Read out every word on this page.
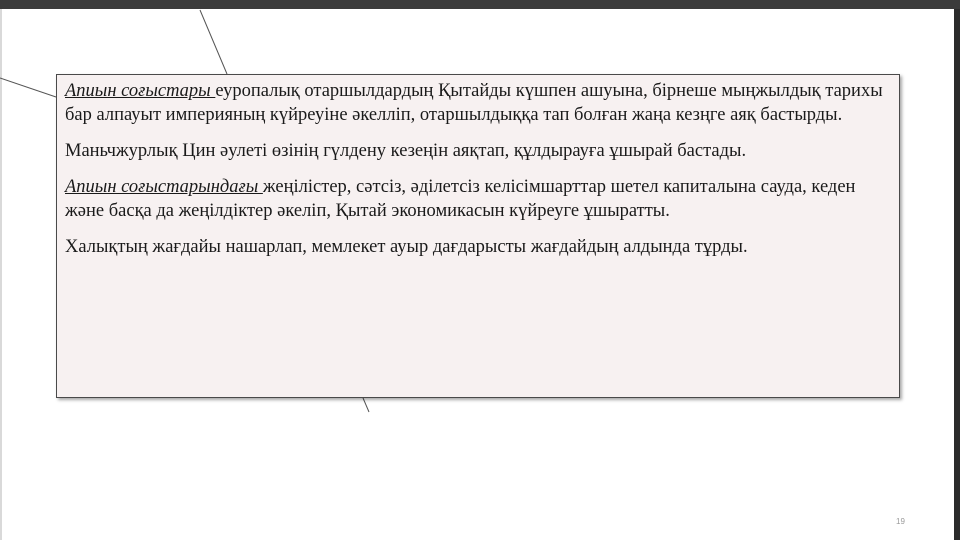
Апиын соғыстары еуропалық отаршылдардың Қытайды күшпен ашуына, бірнеше мыңжылдық тарихы бар алпауыт империяның күйреуіне әкелліп, отаршылдыққа тап болған жаңа кезңге аяқ бастырды.

Маньчжурлық Цин әулеті өзінің гүлдену кезеңін аяқтап, құлдырауға ұшырай бастады.

Апиын соғыстарындағы жеңілістер, сәтсіз, әділетсіз келісімшарттар шетел капиталына сауда, кеден және басқа да жеңілдіктер әкеліп, Қытай экономикасын күйреуге ұшыратты.

Халықтың жағдайы нашарлап, мемлекет ауыр дағдарысты жағдайдың алдында тұрды.

19
